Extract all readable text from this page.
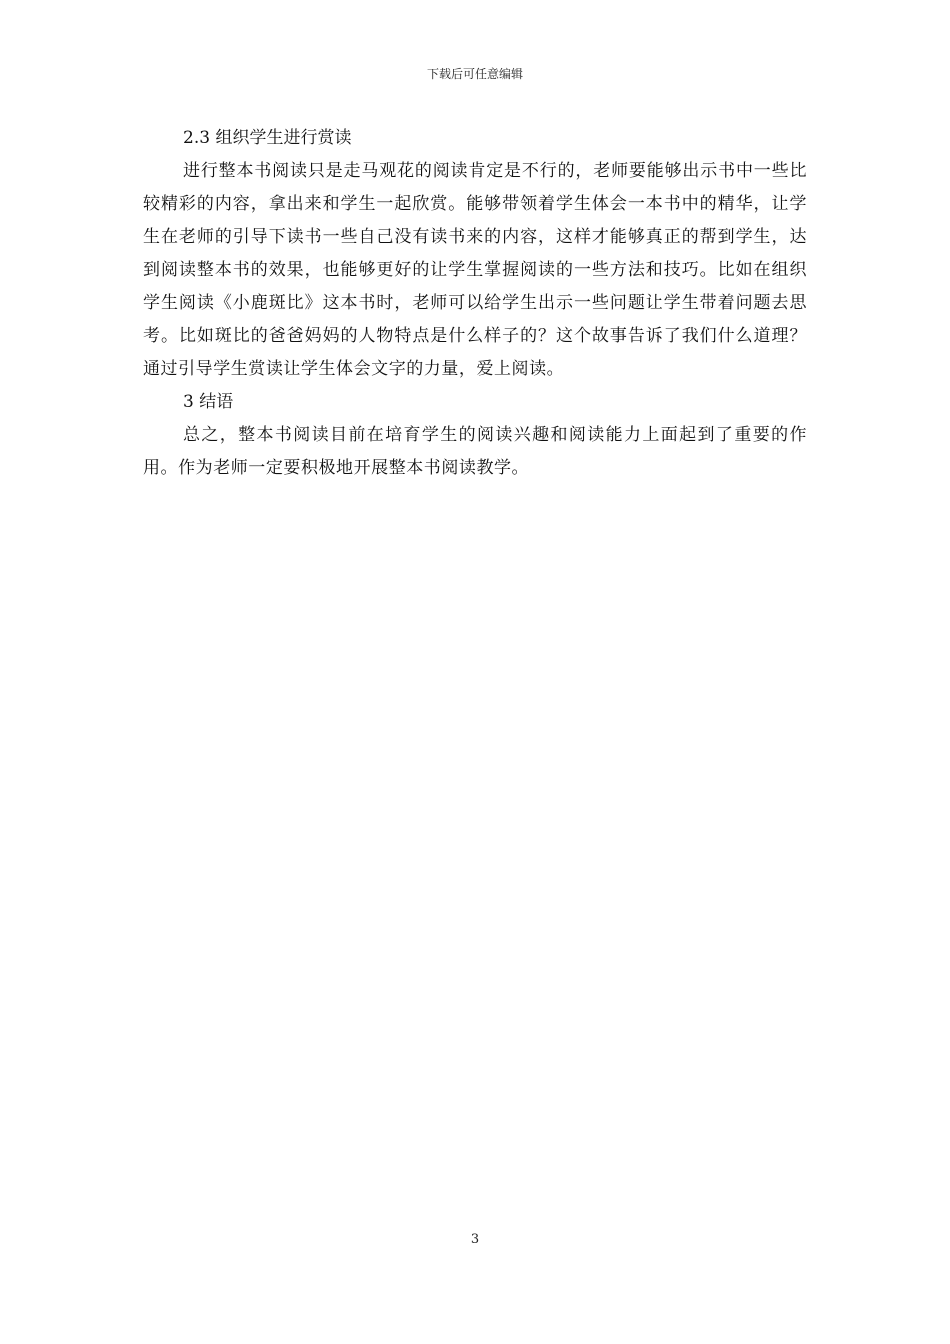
下载后可任意编辑
2.3 组织学生进行赏读

进行整本书阅读只是走马观花的阅读肯定是不行的，老师要能够出示书中一些比较精彩的内容，拿出来和学生一起欣赏。能够带领着学生体会一本书中的精华，让学生在老师的引导下读书一些自己没有读书来的内容，这样才能够真正的帮到学生，达到阅读整本书的效果，也能够更好的让学生掌握阅读的一些方法和技巧。比如在组织学生阅读《小鹿斑比》这本书时，老师可以给学生出示一些问题让学生带着问题去思考。比如斑比的爸爸妈妈的人物特点是什么样子的？这个故事告诉了我们什么道理？通过引导学生赏读让学生体会文字的力量，爱上阅读。

3 结语

总之，整本书阅读目前在培育学生的阅读兴趣和阅读能力上面起到了重要的作用。作为老师一定要积极地开展整本书阅读教学。

3
